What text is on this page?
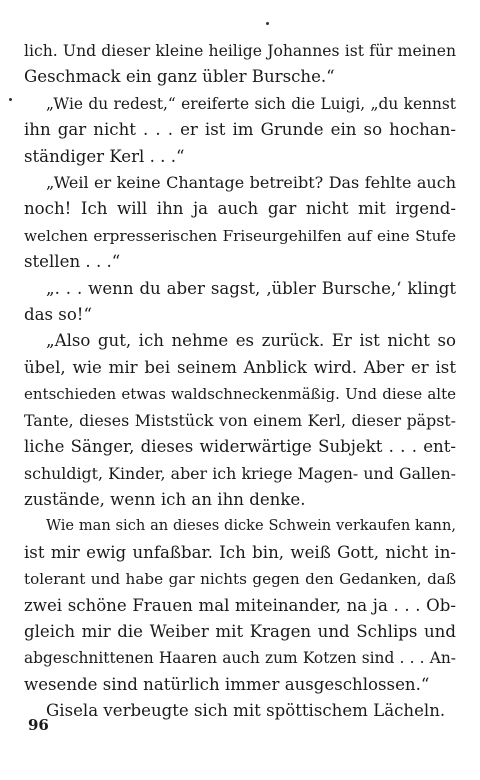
lich. Und dieser kleine heilige Johannes ist für meinen
Geschmack ein ganz übler Bursche.“

„Wie du redest,“ ereiferte sich die Luigi, „du kennst
ihn gar nicht . . . er ist im Grunde ein so hochan-
ständiger Kerl . . .“

„Weil er keine Chantage betreibt? Das fehlte auch
noch! Ich will ihn ja auch gar nicht mit irgend-
welchen erpresserischen Friseurgehilfen auf eine Stufe
stellen . . .“

„. . . wenn du aber sagst, ‚übler Bursche,‘ klingt
das so!“

„Also gut, ich nehme es zurück. Er ist nicht so
übel, wie mir bei seinem Anblick wird. Aber er ist
entschieden etwas waldschneckenmäßig. Und diese alte
Tante, dieses Miststück von einem Kerl, dieser päpst-
liche Sänger, dieses widerwärtige Subjekt . . . ent-
schuldigt, Kinder, aber ich kriege Magen- und Gallen-
zustände, wenn ich an ihn denke.

Wie man sich an dieses dicke Schwein verkaufen kann,
ist mir ewig unfaßbar. Ich bin, weiß Gott, nicht in-
tolerant und habe gar nichts gegen den Gedanken, daß
zwei schöne Frauen mal miteinander, na ja . . . Ob-
gleich mir die Weiber mit Kragen und Schlips und
abgeschnittenen Haaren auch zum Kotzen sind . . . An-
wesende sind natürlich immer ausgeschlossen.“

Gisela verbeugte sich mit spöttischem Lächeln.

96
